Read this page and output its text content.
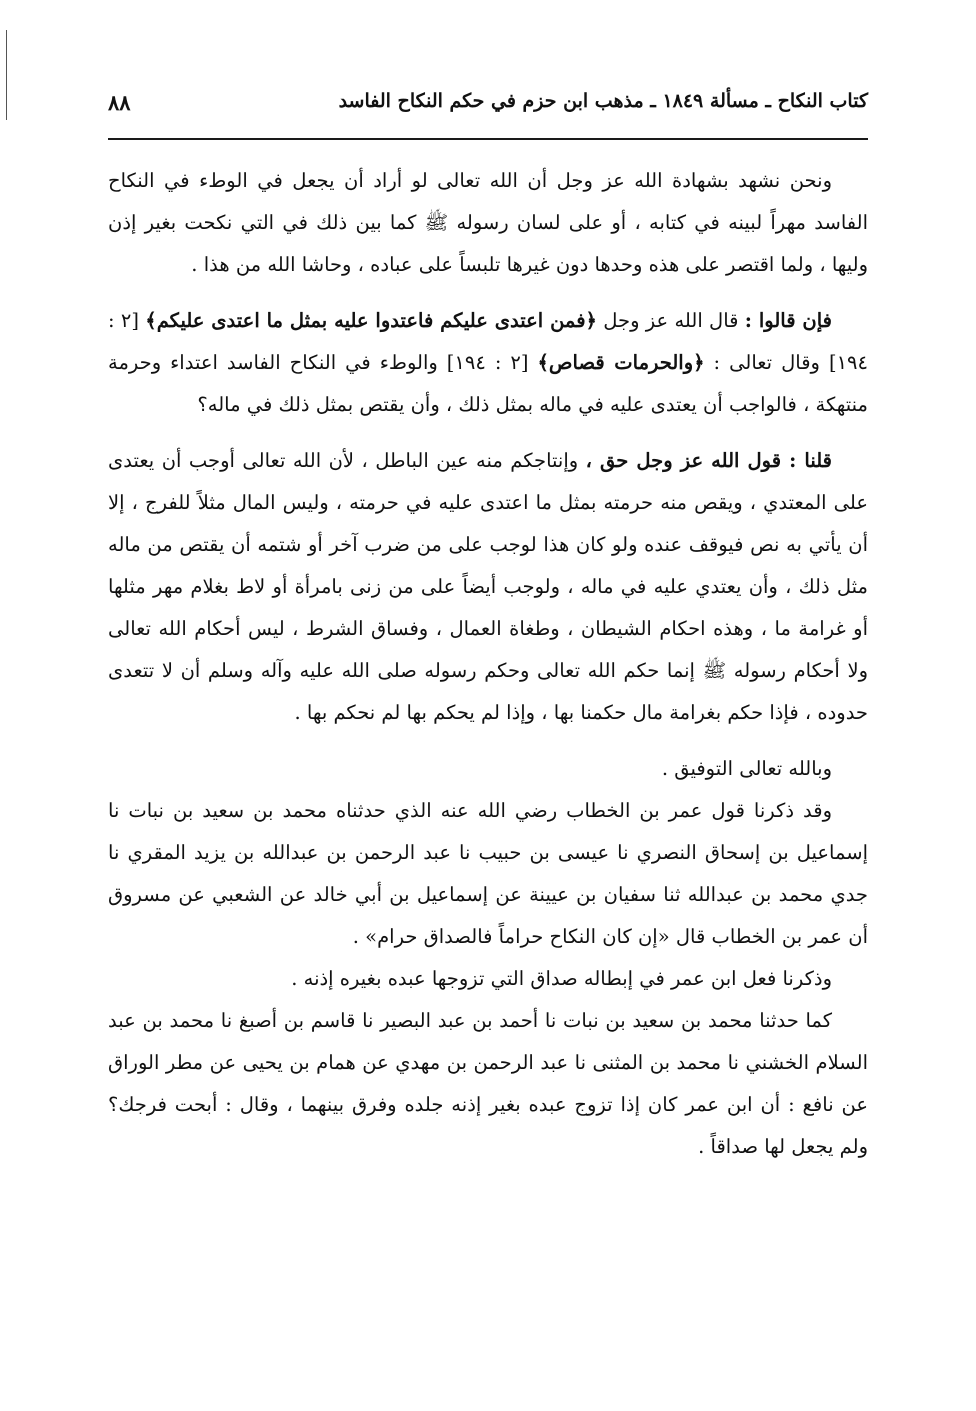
كتاب النكاح ـ مسألة ١٨٤٩ ـ مذهب ابن حزم في حكم النكاح الفاسد
٨٨

ونحن نشهد بشهادة الله عز وجل أن الله تعالى لو أراد أن يجعل في الوطء في النكاح الفاسد مهراً لبينه في كتابه ، أو على لسان رسوله ﷺ كما بين ذلك في التي نكحت بغير إذن وليها ، ولما اقتصر على هذه وحدها دون غيرها تلبساً على عباده ، وحاشا الله من هذا .

فإن قالوا : قال الله عز وجل ﴿فمن اعتدى عليكم فاعتدوا عليه بمثل ما اعتدى عليكم﴾ [٢ : ١٩٤] وقال تعالى : ﴿والحرمات قصاص﴾ [٢ : ١٩٤] والوطء في النكاح الفاسد اعتداء وحرمة منتهكة ، فالواجب أن يعتدى عليه في ماله بمثل ذلك ، وأن يقتص بمثل ذلك في ماله؟

قلنا : قول الله عز وجل حق ، وإنتاجكم منه عين الباطل ، لأن الله تعالى أوجب أن يعتدى على المعتدي ، ويقص منه حرمته بمثل ما اعتدى عليه في حرمته ، وليس المال مثلاً للفرج ، إلا أن يأتي به نص فيوقف عنده ولو كان هذا لوجب على من ضرب آخر أو شتمه أن يقتص من ماله مثل ذلك ، وأن يعتدي عليه في ماله ، ولوجب أيضاً على من زنى بامرأة أو لاط بغلام مهر مثلها أو غرامة ما ، وهذه احكام الشيطان ، وطغاة العمال ، وفساق الشرط ، ليس أحكام الله تعالى ولا أحكام رسوله ﷺ إنما حكم الله تعالى وحكم رسوله صلى الله عليه وآله وسلم أن لا تتعدى حدوده ، فإذا حكم بغرامة مال حكمنا بها ، وإذا لم يحكم بها لم نحكم بها .

وبالله تعالى التوفيق .

وقد ذكرنا قول عمر بن الخطاب رضي الله عنه الذي حدثناه محمد بن سعيد بن نبات نا إسماعيل بن إسحاق النصري نا عيسى بن حبيب نا عبد الرحمن بن عبدالله بن يزيد المقري نا جدي محمد بن عبدالله ثنا سفيان بن عيينة عن إسماعيل بن أبي خالد عن الشعبي عن مسروق أن عمر بن الخطاب قال «إن كان النكاح حراماً فالصداق حرام» .

وذكرنا فعل ابن عمر في إبطاله صداق التي تزوجها عبده بغيره إذنه .

كما حدثنا محمد بن سعيد بن نبات نا أحمد بن عبد البصير نا قاسم بن أصبغ نا محمد بن عبد السلام الخشني نا محمد بن المثنى نا عبد الرحمن بن مهدي عن همام بن يحيى عن مطر الوراق عن نافع : أن ابن عمر كان إذا تزوج عبده بغير إذنه جلده وفرق بينهما ، وقال : أبحت فرجك؟ ولم يجعل لها صداقاً .
